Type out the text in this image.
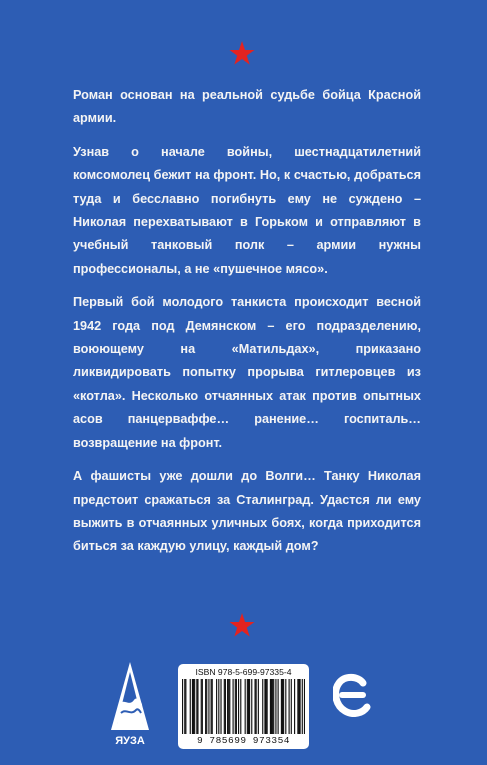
Роман основан на реальной судьбе бойца Красной армии.

Узнав о начале войны, шестнадцатилетний комсомолец бежит на фронт. Но, к счастью, добраться туда и бесславно погибнуть ему не суждено – Николая перехватывают в Горьком и отправляют в учебный танковый полк – армии нужны профессионалы, а не «пушечное мясо».

Первый бой молодого танкиста происходит весной 1942 года под Демянском – его подразделению, воюющему на «Матильдах», приказано ликвидировать попытку прорыва гитлеровцев из «котла». Несколько отчаянных атак против опытных асов панцерваффе… ранение… госпиталь… возвращение на фронт.

А фашисты уже дошли до Волги… Танку Николая предстоит сражаться за Сталинград. Удастся ли ему выжить в отчаянных уличных боях, когда приходится биться за каждую улицу, каждый дом?

ЯУЗА
ISBN 978-5-699-97335-4
9 785699 973354
